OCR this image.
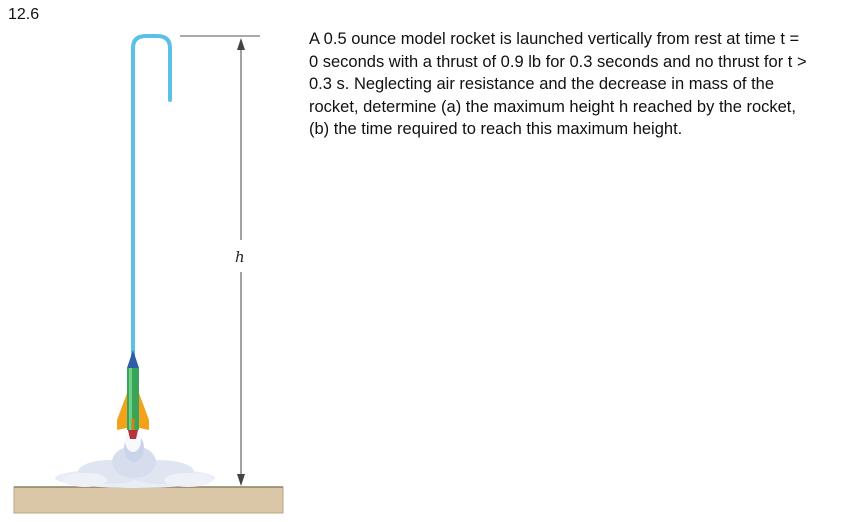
12.6
A 0.5 ounce model rocket is launched vertically from rest at time t = 0 seconds with a thrust of 0.9 lb for 0.3 seconds and no thrust for t > 0.3 s. Neglecting air resistance and the decrease in mass of the rocket, determine (a) the maximum height h reached by the rocket, (b) the time required to reach this maximum height.
h
